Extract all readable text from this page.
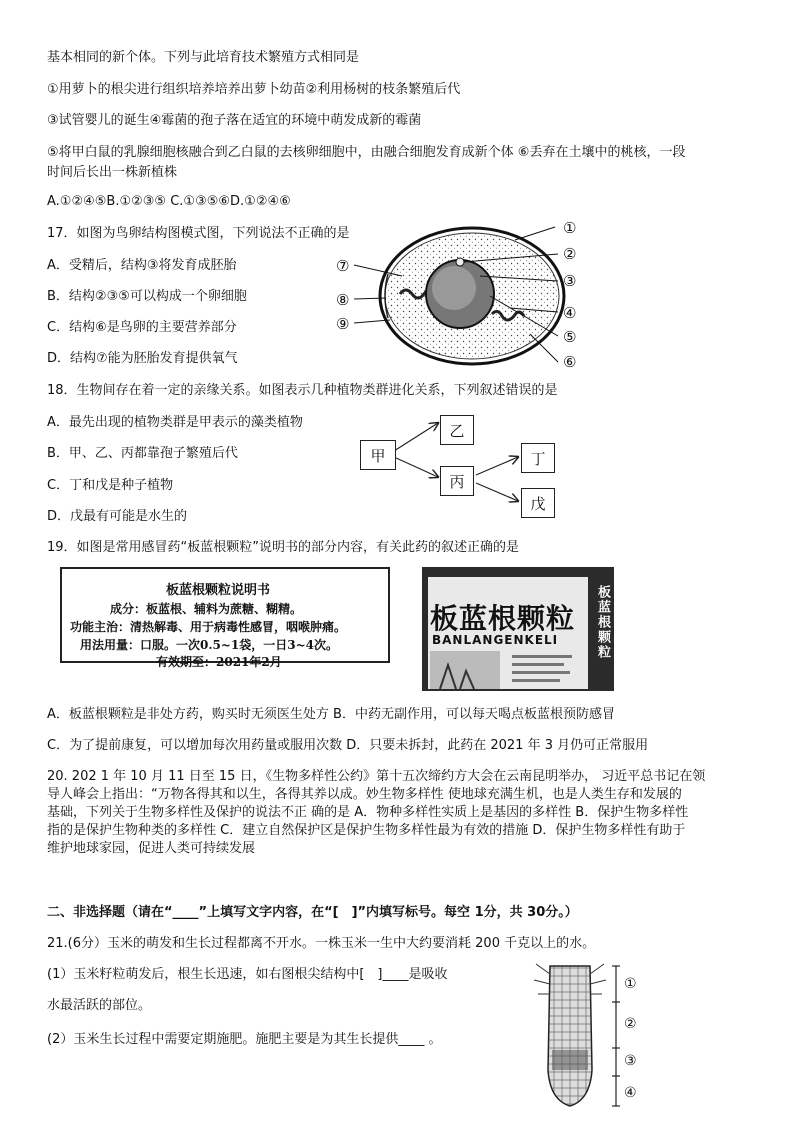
基本相同的新个体。下列与此培育技术繁殖方式相同是
①用萝卜的根尖进行组织培养培养出萝卜幼苗②利用杨树的枝条繁殖后代
③试管婴儿的诞生④霉菌的孢子落在适宜的环境中萌发成新的霉菌
⑤将甲白鼠的乳腺细胞核融合到乙白鼠的去核卵细胞中，由融合细胞发育成新个体 ⑥丢弃在土壤中的桃核，一段
时间后长出一株新植株
A.①②④⑤B.①②③⑤ C.①③⑤⑥D.①②④⑥
17．如图为鸟卵结构图模式图，下列说法不正确的是
A．受精后，结构③将发育成胚胎
B．结构②③⑤可以构成一个卵细胞
C．结构⑥是鸟卵的主要营养部分
D．结构⑦能为胚胎发育提供氧气
①
②
③
④
⑤
⑥
⑦
⑧
⑨
18．生物间存在着一定的亲缘关系。如图表示几种植物类群进化关系，下列叙述错误的是
A．最先出现的植物类群是甲表示的藻类植物
B．甲、乙、丙都靠孢子繁殖后代
C．丁和戊是种子植物
D．戊最有可能是水生的
甲
乙
丙
丁
戊
19．如图是常用感冒药“板蓝根颗粒”说明书的部分内容，有关此药的叙述正确的是
板蓝根颗粒说明书
成分：板蓝根、辅料为蔗糖、糊精。
功能主治：清热解毒、用于病毒性感冒，咽喉肿痛。
用法用量：口服。一次0.5~1袋，一日3~4次。
有效期至：2021年2月
板蓝根颗粒
BANLANGENKELI	板蓝根颗粒
A．板蓝根颗粒是非处方药，购买时无须医生处方 B．中药无副作用，可以每天喝点板蓝根预防感冒
C．为了提前康复，可以增加每次用药量或服用次数 D．只要未拆封，此药在 2021 年 3 月仍可正常服用
20. 202 1 年 10 月 11 日至 15 日，《生物多样性公约》第十五次缔约方大会在云南昆明举办， 习近平总书记在领
导人峰会上指出：“万物各得其和以生，各得其养以成。妙生物多样性 使地球充满生机，也是人类生存和发展的
基础，下列关于生物多样性及保护的说法不正 确的是 A．物种多样性实质上是基因的多样性 B．保护生物多样性
指的是保护生物种类的多样性 C．建立自然保护区是保护生物多样性最为有效的措施 D．保护生物多样性有助于
维护地球家园，促进人类可持续发展
二、非选择题（请在“____”上填写文字内容，在“[　]”内填写标号。每空 1分，共 30分。）
21.(6分）玉米的萌发和生长过程都离不开水。一株玉米一生中大约要消耗 200 千克以上的水。
(1）玉米籽粒萌发后，根生长迅速，如右图根尖结构中[　]____是吸收
水最活跃的部位。
(2）玉米生长过程中需要定期施肥。施肥主要是为其生长提供____ 。
①
②
③
④
